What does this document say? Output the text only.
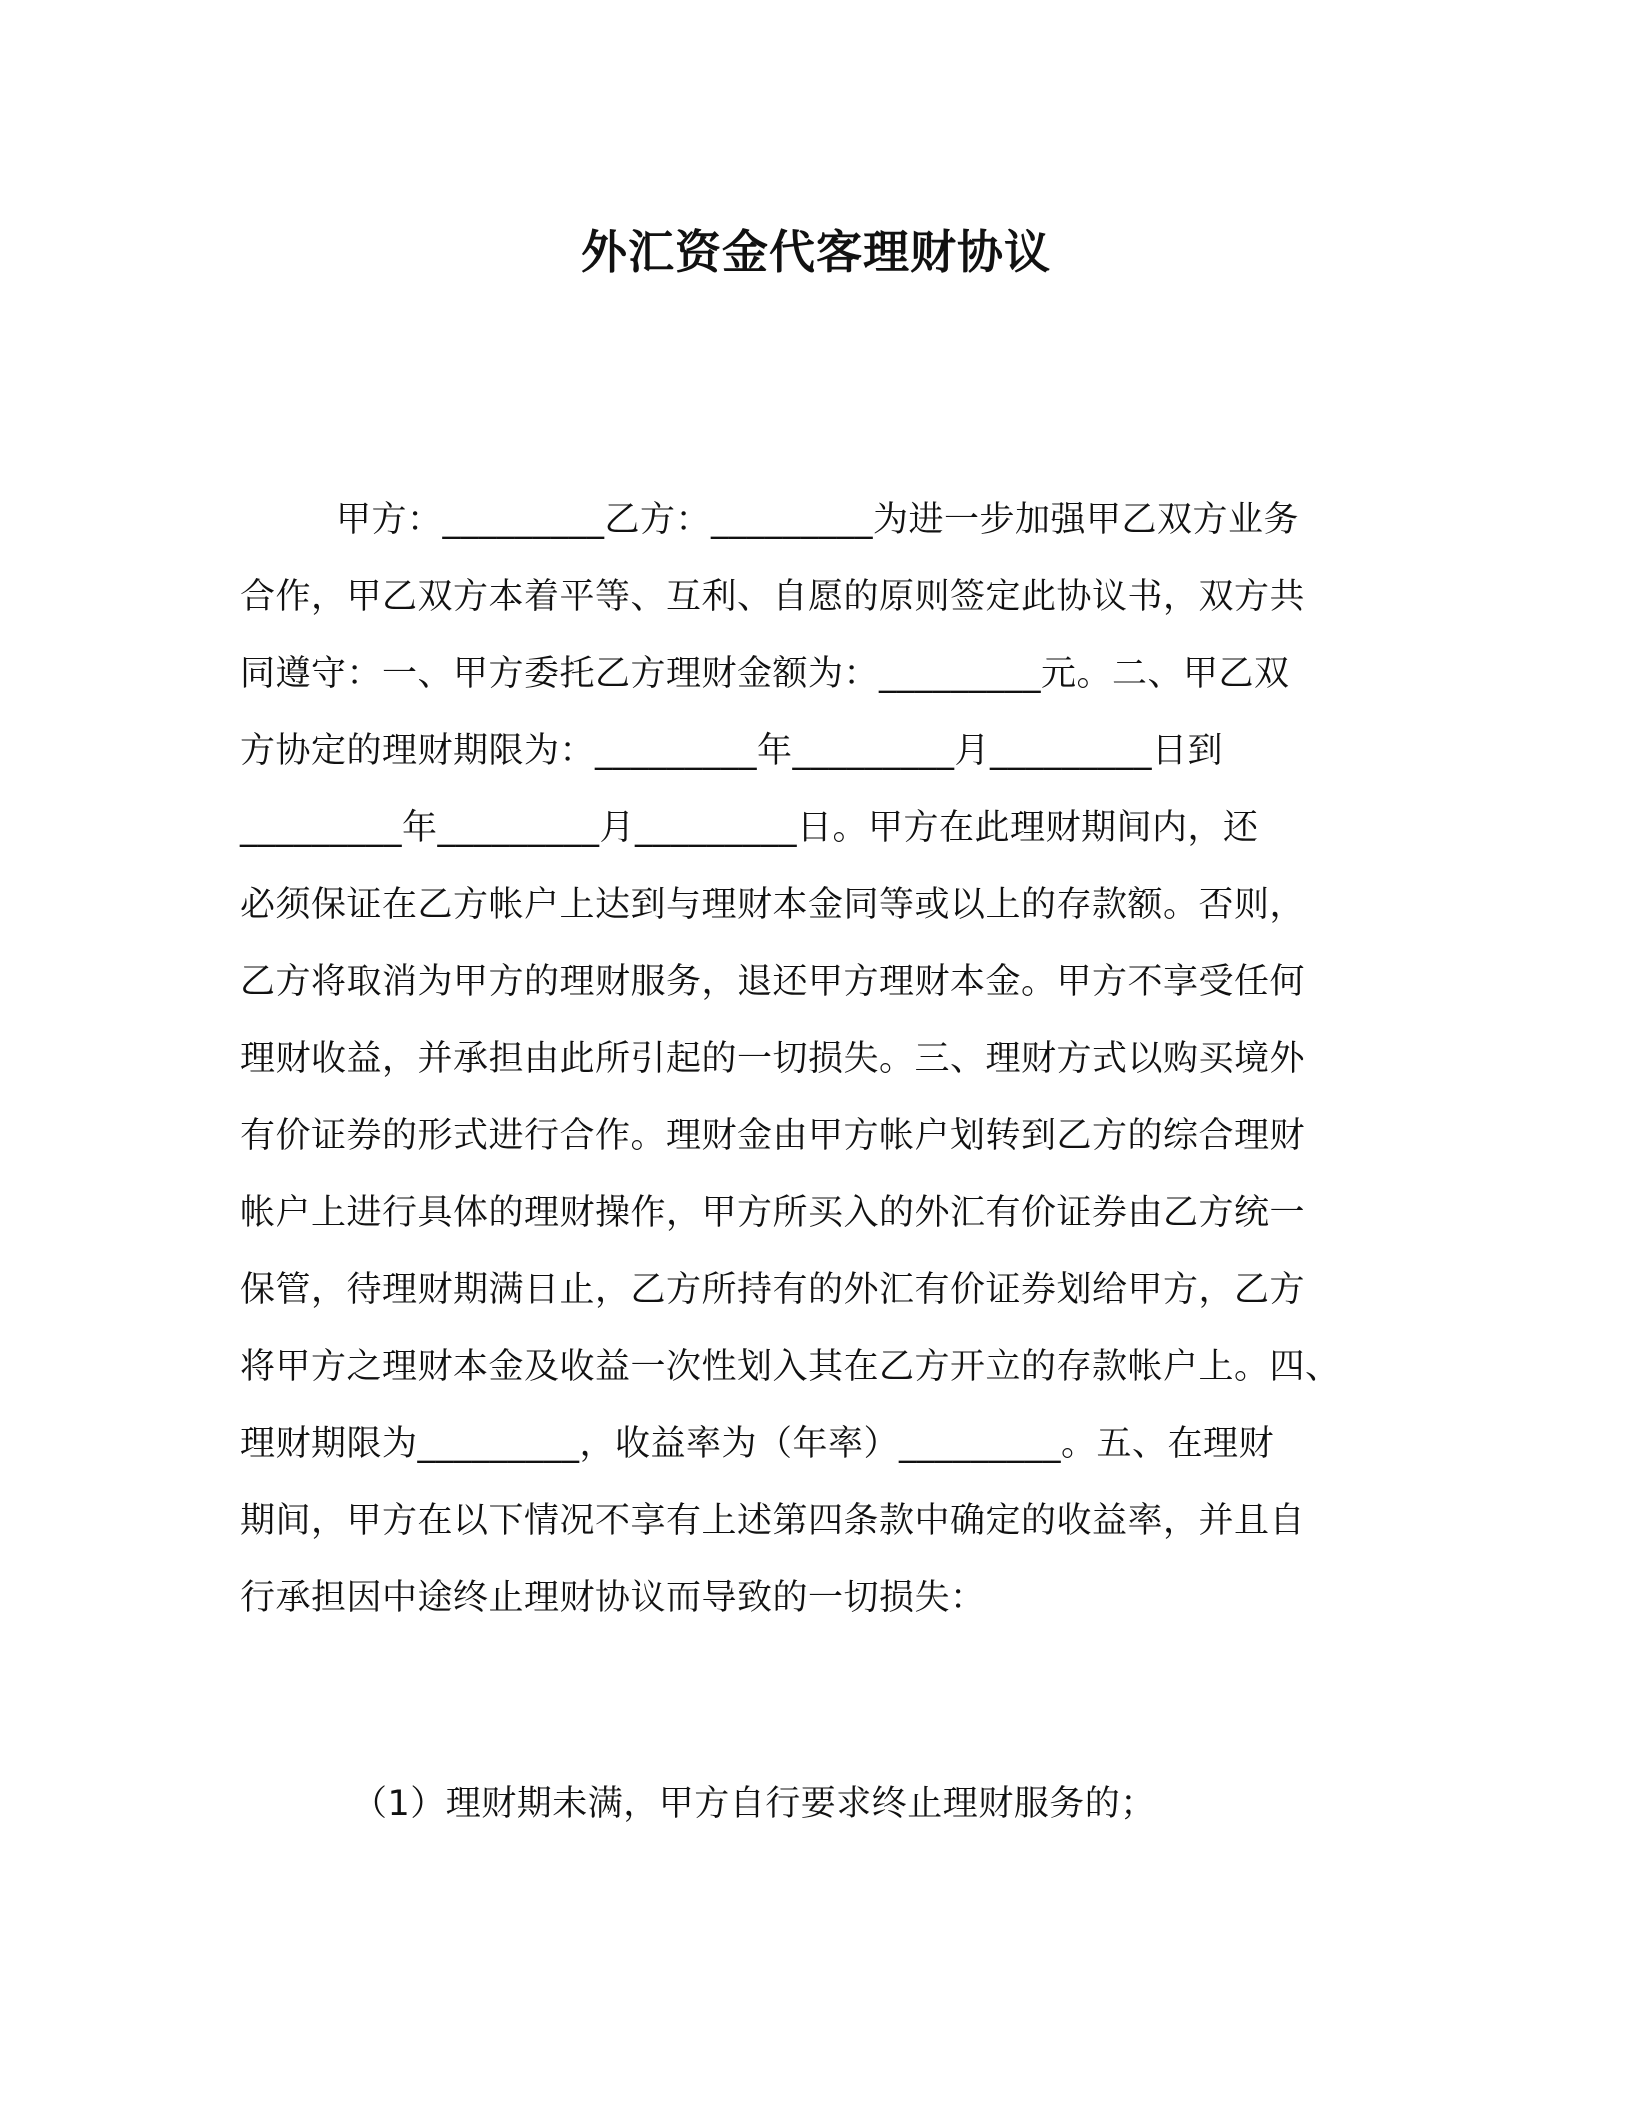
外汇资金代客理财协议
甲方：_________乙方：_________为进一步加强甲乙双方业务
合作，甲乙双方本着平等、互利、自愿的原则签定此协议书，双方共
同遵守：一、甲方委托乙方理财金额为：_________元。二、甲乙双
方协定的理财期限为：_________年_________月_________日到
_________年_________月_________日。甲方在此理财期间内，还
必须保证在乙方帐户上达到与理财本金同等或以上的存款额。否则，
乙方将取消为甲方的理财服务，退还甲方理财本金。甲方不享受任何
理财收益，并承担由此所引起的一切损失。三、理财方式以购买境外
有价证券的形式进行合作。理财金由甲方帐户划转到乙方的综合理财
帐户上进行具体的理财操作，甲方所买入的外汇有价证券由乙方统一
保管，待理财期满日止，乙方所持有的外汇有价证券划给甲方，乙方
将甲方之理财本金及收益一次性划入其在乙方开立的存款帐户上。四、
理财期限为_________，收益率为（年率）_________。五、在理财
期间，甲方在以下情况不享有上述第四条款中确定的收益率，并且自
行承担因中途终止理财协议而导致的一切损失：
（1）理财期未满，甲方自行要求终止理财服务的；
